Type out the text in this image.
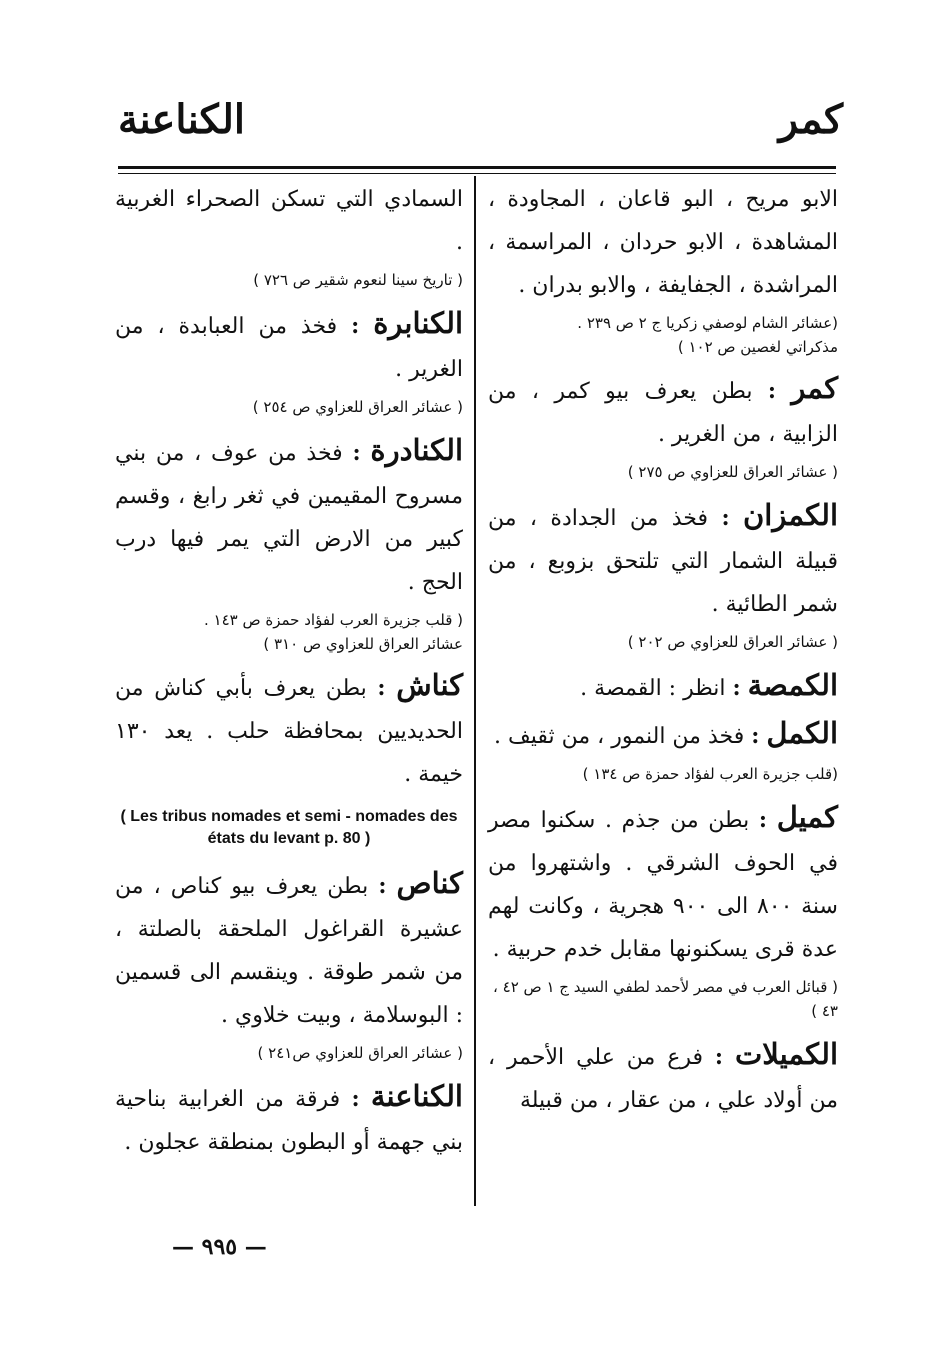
كمر
الكناعنة
الابو مريح ، البو قاعان ، المجاودة ، المشاهدة ، الابو حردان ، المراسمة ، المراشدة ، الجفايفة ، والابو بدران .
(عشائر الشام لوصفي زكريا ج ٢ ص ٢٣٩ .
مذكراتي لغصين ص ١٠٢ )
كمر : بطن يعرف بيو كمر ، من الزابية ، من الغرير .
( عشائر العراق للعزاوي ص ٢٧٥ )
الكمزان : فخذ من الجدادة ، من قبيلة الشمار التي تلتحق بزوبع ، من شمر الطائية .
( عشائر العراق للعزاوي ص ٢٠٢ )
الكمصة : انظر : القمصة .
الكمل : فخذ من النمور ، من ثقيف .
(قلب جزيرة العرب لفؤاد حمزة ص ١٣٤ )
كميل : بطن من جذم . سكنوا مصر في الحوف الشرقي . واشتهروا من سنة ٨٠٠ الى ٩٠٠ هجرية ، وكانت لهم عدة قرى يسكنونها مقابل خدم حربية .
( قبائل العرب في مصر لأحمد لطفي السيد ج ١ ص ٤٢ ، ٤٣ )
الكميلات : فرع من علي الأحمر ، من أولاد علي ، من عقار ، من قبيلة
السمادي التي تسكن الصحراء الغربية .
( تاريخ سينا لنعوم شقير ص ٧٢٦ )
الكنابرة : فخذ من العبابدة ، من الغرير .
( عشائر العراق للعزاوي ص ٢٥٤ )
الكنادرة : فخذ من عوف ، من بني مسروح المقيمين في ثغر رابغ ، وقسم كبير من الارض التي يمر فيها درب الحج .
( قلب جزيرة العرب لفؤاد حمزة ص ١٤٣ .
عشائر العراق للعزاوي ص ٣١٠ )
كناش : بطن يعرف بأبي كناش من الحديديين بمحافظة حلب . يعد ١٣٠ خيمة .
( Les tribus nomades et semi - nomades des états du levant p. 80 )
كناص : بطن يعرف بيو كناص ، من عشيرة القراغول الملحقة بالصلتة ، من شمر طوقة . وينقسم الى قسمين : البوسلامة ، وبيت خلاوي .
( عشائر العراق للعزاوي ص٢٤١ )
الكناعنة : فرقة من الغرابية بناحية بني جهمة أو البطون بمنطقة عجلون .
— ٩٩٥ —
